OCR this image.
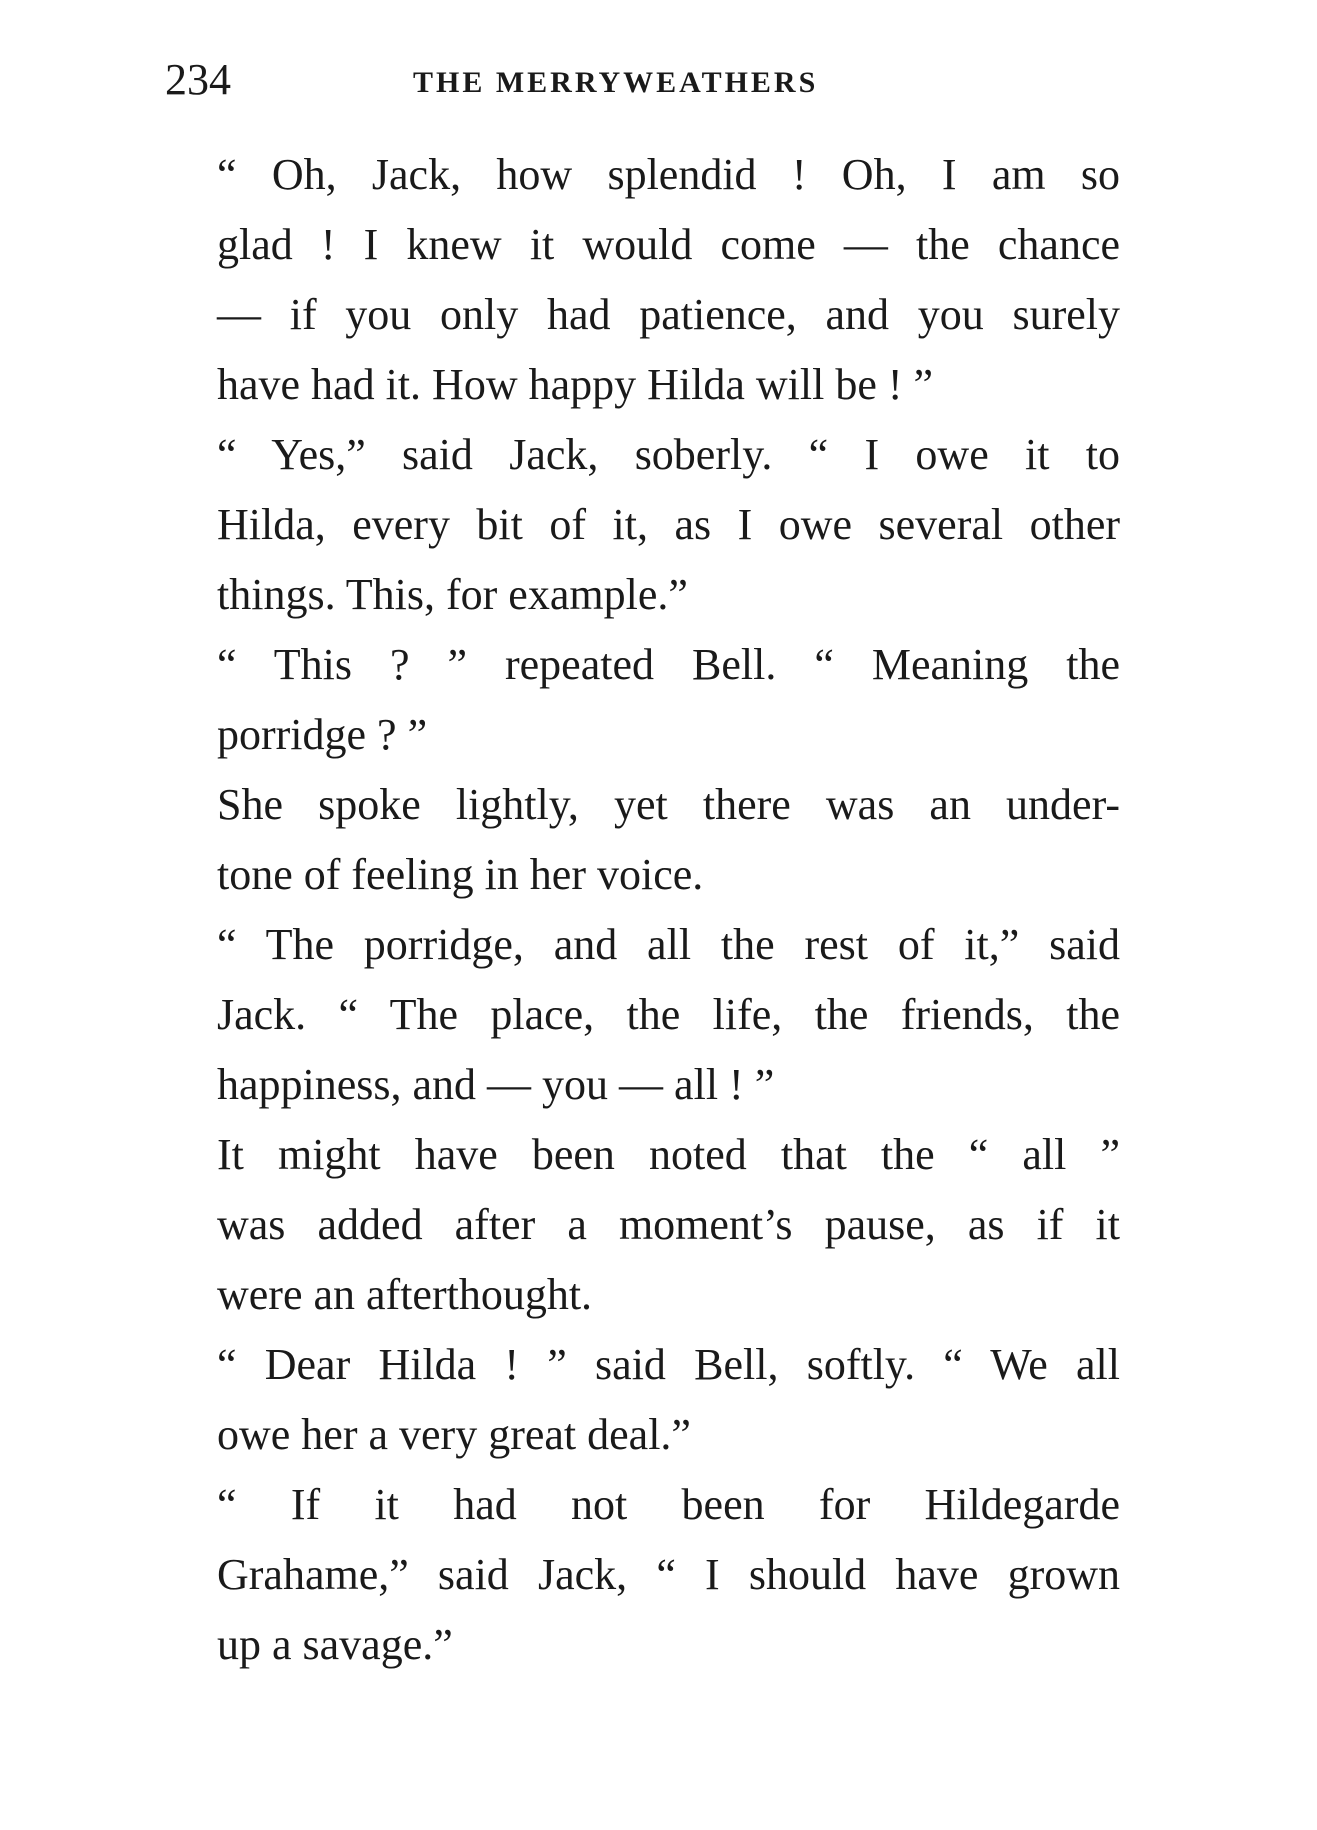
234	THE MERRYWEATHERS

“ Oh, Jack, how splendid ! Oh, I am so
glad ! I knew it would come — the chance
— if you only had patience, and you surely
have had it. How happy Hilda will be ! ”

“ Yes,” said Jack, soberly. “ I owe it to
Hilda, every bit of it, as I owe several other
things. This, for example.”

“ This ? ” repeated Bell. “ Meaning the
porridge ? ”

She spoke lightly, yet there was an under-
tone of feeling in her voice.

“ The porridge, and all the rest of it,” said
Jack. “ The place, the life, the friends, the
happiness, and — you — all ! ”

It might have been noted that the “ all ”
was added after a moment’s pause, as if it
were an afterthought.

“ Dear Hilda ! ” said Bell, softly. “ We all
owe her a very great deal.”

“ If it had not been for Hildegarde
Grahame,” said Jack, “ I should have grown
up a savage.”
